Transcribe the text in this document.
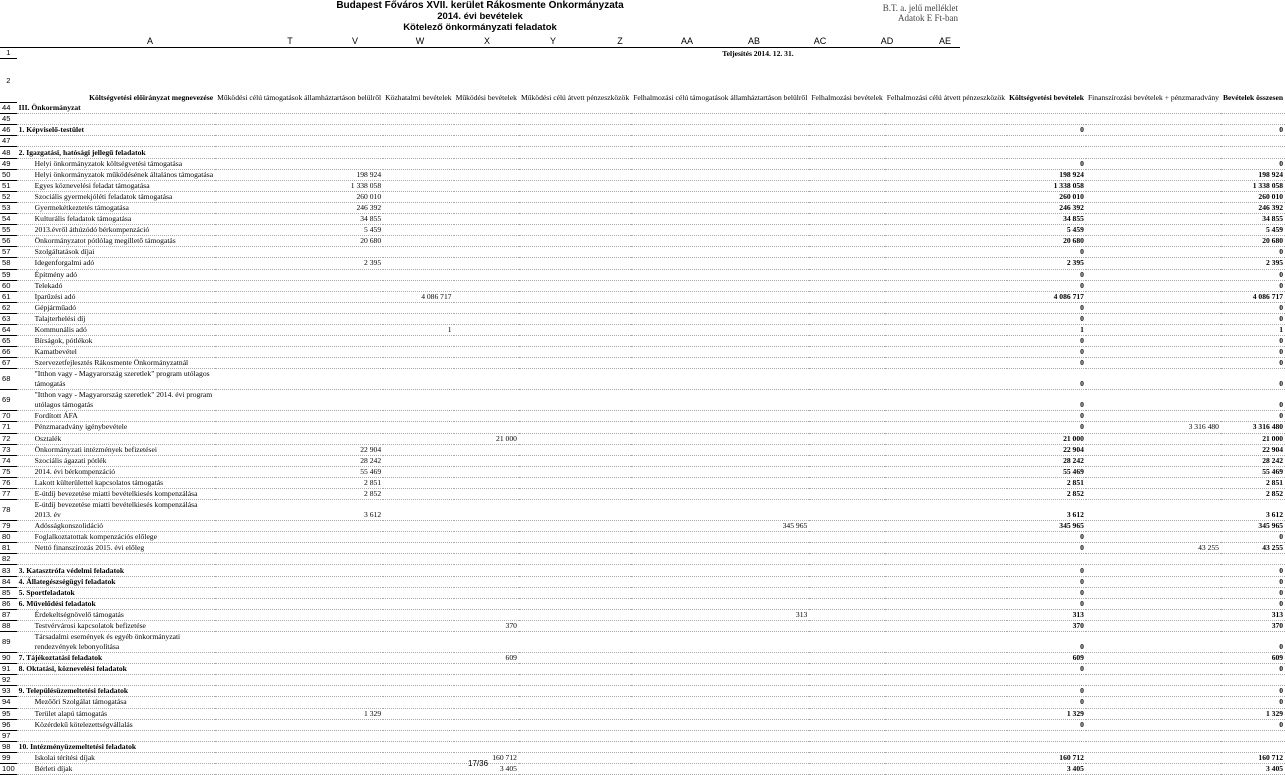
Budapest Főváros XVII. kerület Rákosmente Önkormányzata
2014. évi bevételek
Kötelező önkormányzati feladatok
B.T. a. jelű melléklet
Adatok E Ft-ban
A	T	V	W	X	Y	Z	AA	AB	AC	AD	AE
1						Teljesítés 2014. 12. 31.					
2	Költségvetési előirányzat megnevezése	Működési célú támogatások államháztartáson belülről	Közhatalmi bevételek	Működési bevételek	Működési célú átvett pénzeszközök	Felhalmozási célú támogatások államháztartáson belülről	Felhalmozási bevételek	Felhalmozási célú átvett pénzeszközök	Költségvetési bevételek	Finanszírozási bevételek + pénzmaradvány	Bevételek összesen
44	III. Önkormányzat										
45											
46	1. Képviselő-testület								0		0
47											
48	2. Igazgatási, hatósági jellegű feladatok										
49	Helyi önkormányzatok költségvetési támogatása								0		0
50	Helyi önkormányzatok működésének általános támogatása	198 924							198 924		198 924
51	Egyes köznevelési feladat támogatása	1 338 058							1 338 058		1 338 058
52	Szociális gyermekjóléti feladatok támogatása	260 010							260 010		260 010
53	Gyermekétkeztetés támogatása	246 392							246 392		246 392
54	Kulturális feladatok támogatása	34 855							34 855		34 855
55	2013.évről áthúzódó bérkompenzáció	5 459							5 459		5 459
56	Önkormányzatot pótlólag megillető támogatás	20 680							20 680		20 680
57	Szolgáltatások díjai								0		0
58	Idegenforgalmi adó	2 395							2 395		2 395
59	Építmény adó								0		0
60	Telekadó								0		0
61	Iparűzési adó		4 086 717						4 086 717		4 086 717
62	Gépjárműadó								0		0
63	Talajterhelési díj								0		0
64	Kommunális adó		1						1		1
65	Bírságok, pótlékok								0		0
66	Kamatbevétel								0		0
67	Szervezetfejlesztés Rákosmente Önkormányzatnál								0		0
68	"Itthon vagy - Magyarország szeretlek" program utólagos támogatás								0		0
69	"Itthon vagy - Magyarország szeretlek" 2014. évi program utólagos támogatás								0		0
70	Fordított ÁFA								0		0
71	Pénzmaradvány igénybevétele								0	3 316 480	3 316 480
72	Osztalék			21 000					21 000		21 000
73	Önkormányzati intézmények befizetései	22 904							22 904		22 904
74	Szociális ágazati pótlék	28 242							28 242		28 242
75	2014. évi bérkompenzáció	55 469							55 469		55 469
76	Lakott külterülettel kapcsolatos támogatás	2 851							2 851		2 851
77	E-útdíj bevezetése miatti bevételkiesés kompenzálása	2 852							2 852		2 852
78	E-útdíj bevezetése miatti bevételkiesés kompenzálása 2013. év	3 612							3 612		3 612
79	Adósságkonszolidáció					345 965			345 965		345 965
80	Foglalkoztatottak kompenzációs előlege								0		0
81	Nettó finanszírozás 2015. évi előleg								0	43 255	43 255
82											
83	3. Katasztrófa védelmi feladatok								0		0
84	4. Állategészségügyi feladatok								0		0
85	5. Sportfeladatok								0		0
86	6. Művelődési feladatok								0		0
87	Érdekeltségnövelő támogatás					313			313		313
88	Testvérvárosi kapcsolatok befizetése			370					370		370
89	Társadalmi események és egyéb önkormányzati rendezvények lebonyolítása								0		0
90	7. Tájékoztatási feladatok			609					609		609
91	8. Oktatási, köznevelési feladatok								0		0
92											
93	9. Településüzemeltetési feladatok								0		0
94	Mezőőri Szolgálat támogatása								0		0
95	Terület alapú támogatás	1 329							1 329		1 329
96	Közérdekű kötelezettségvállalás								0		0
97											
98	10. Intézményüzemeltetési feladatok										
99	Iskolai térítési díjak			160 712					160 712		160 712
100	Bérleti díjak			3 405					3 405		3 405
17/36
